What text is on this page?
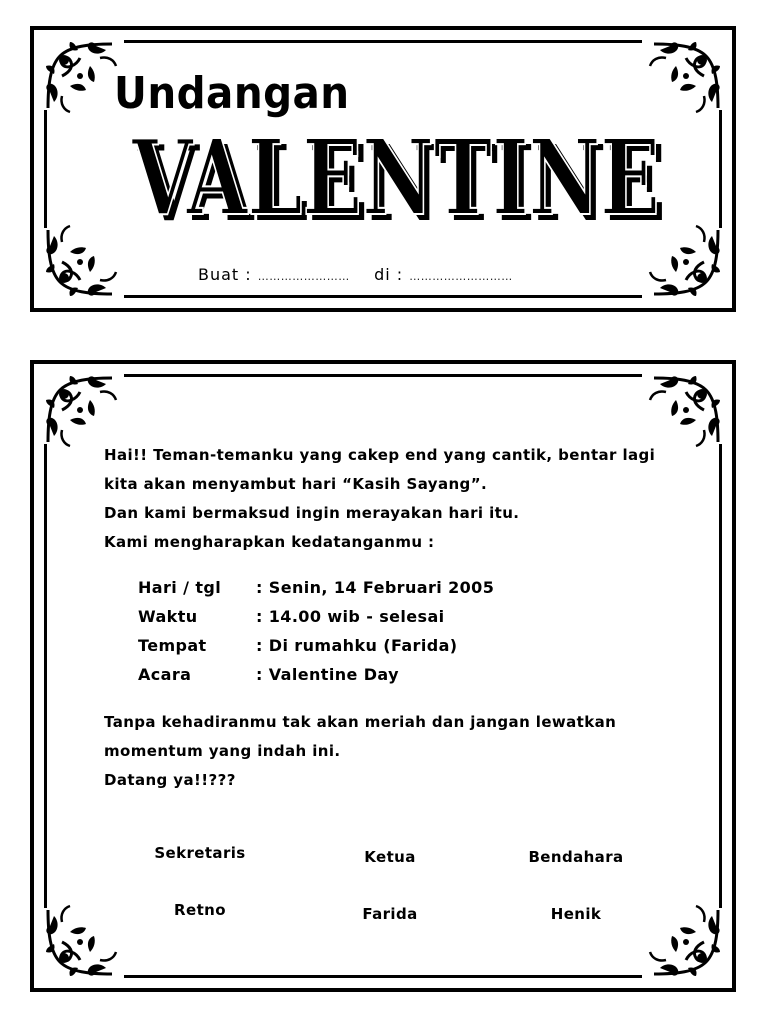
Undangan
VALENTINE
VALENTINE
Buat : …………………… di : ………………………
Hai!! Teman-temanku yang cakep end yang cantik, bentar lagi
kita akan menyambut hari “Kasih Sayang”.
Dan kami bermaksud ingin merayakan hari itu.
Kami mengharapkan kedatanganmu :
Hari / tgl : Senin, 14 Februari 2005
Waktu	: 14.00 wib - selesai
Tempat	: Di rumahku (Farida)
Acara	: Valentine Day
Tanpa kehadiranmu tak akan meriah dan jangan lewatkan
momentum yang indah ini.
Datang ya!!???
Sekretaris	Ketua	Bendahara
Retno	Farida	Henik
